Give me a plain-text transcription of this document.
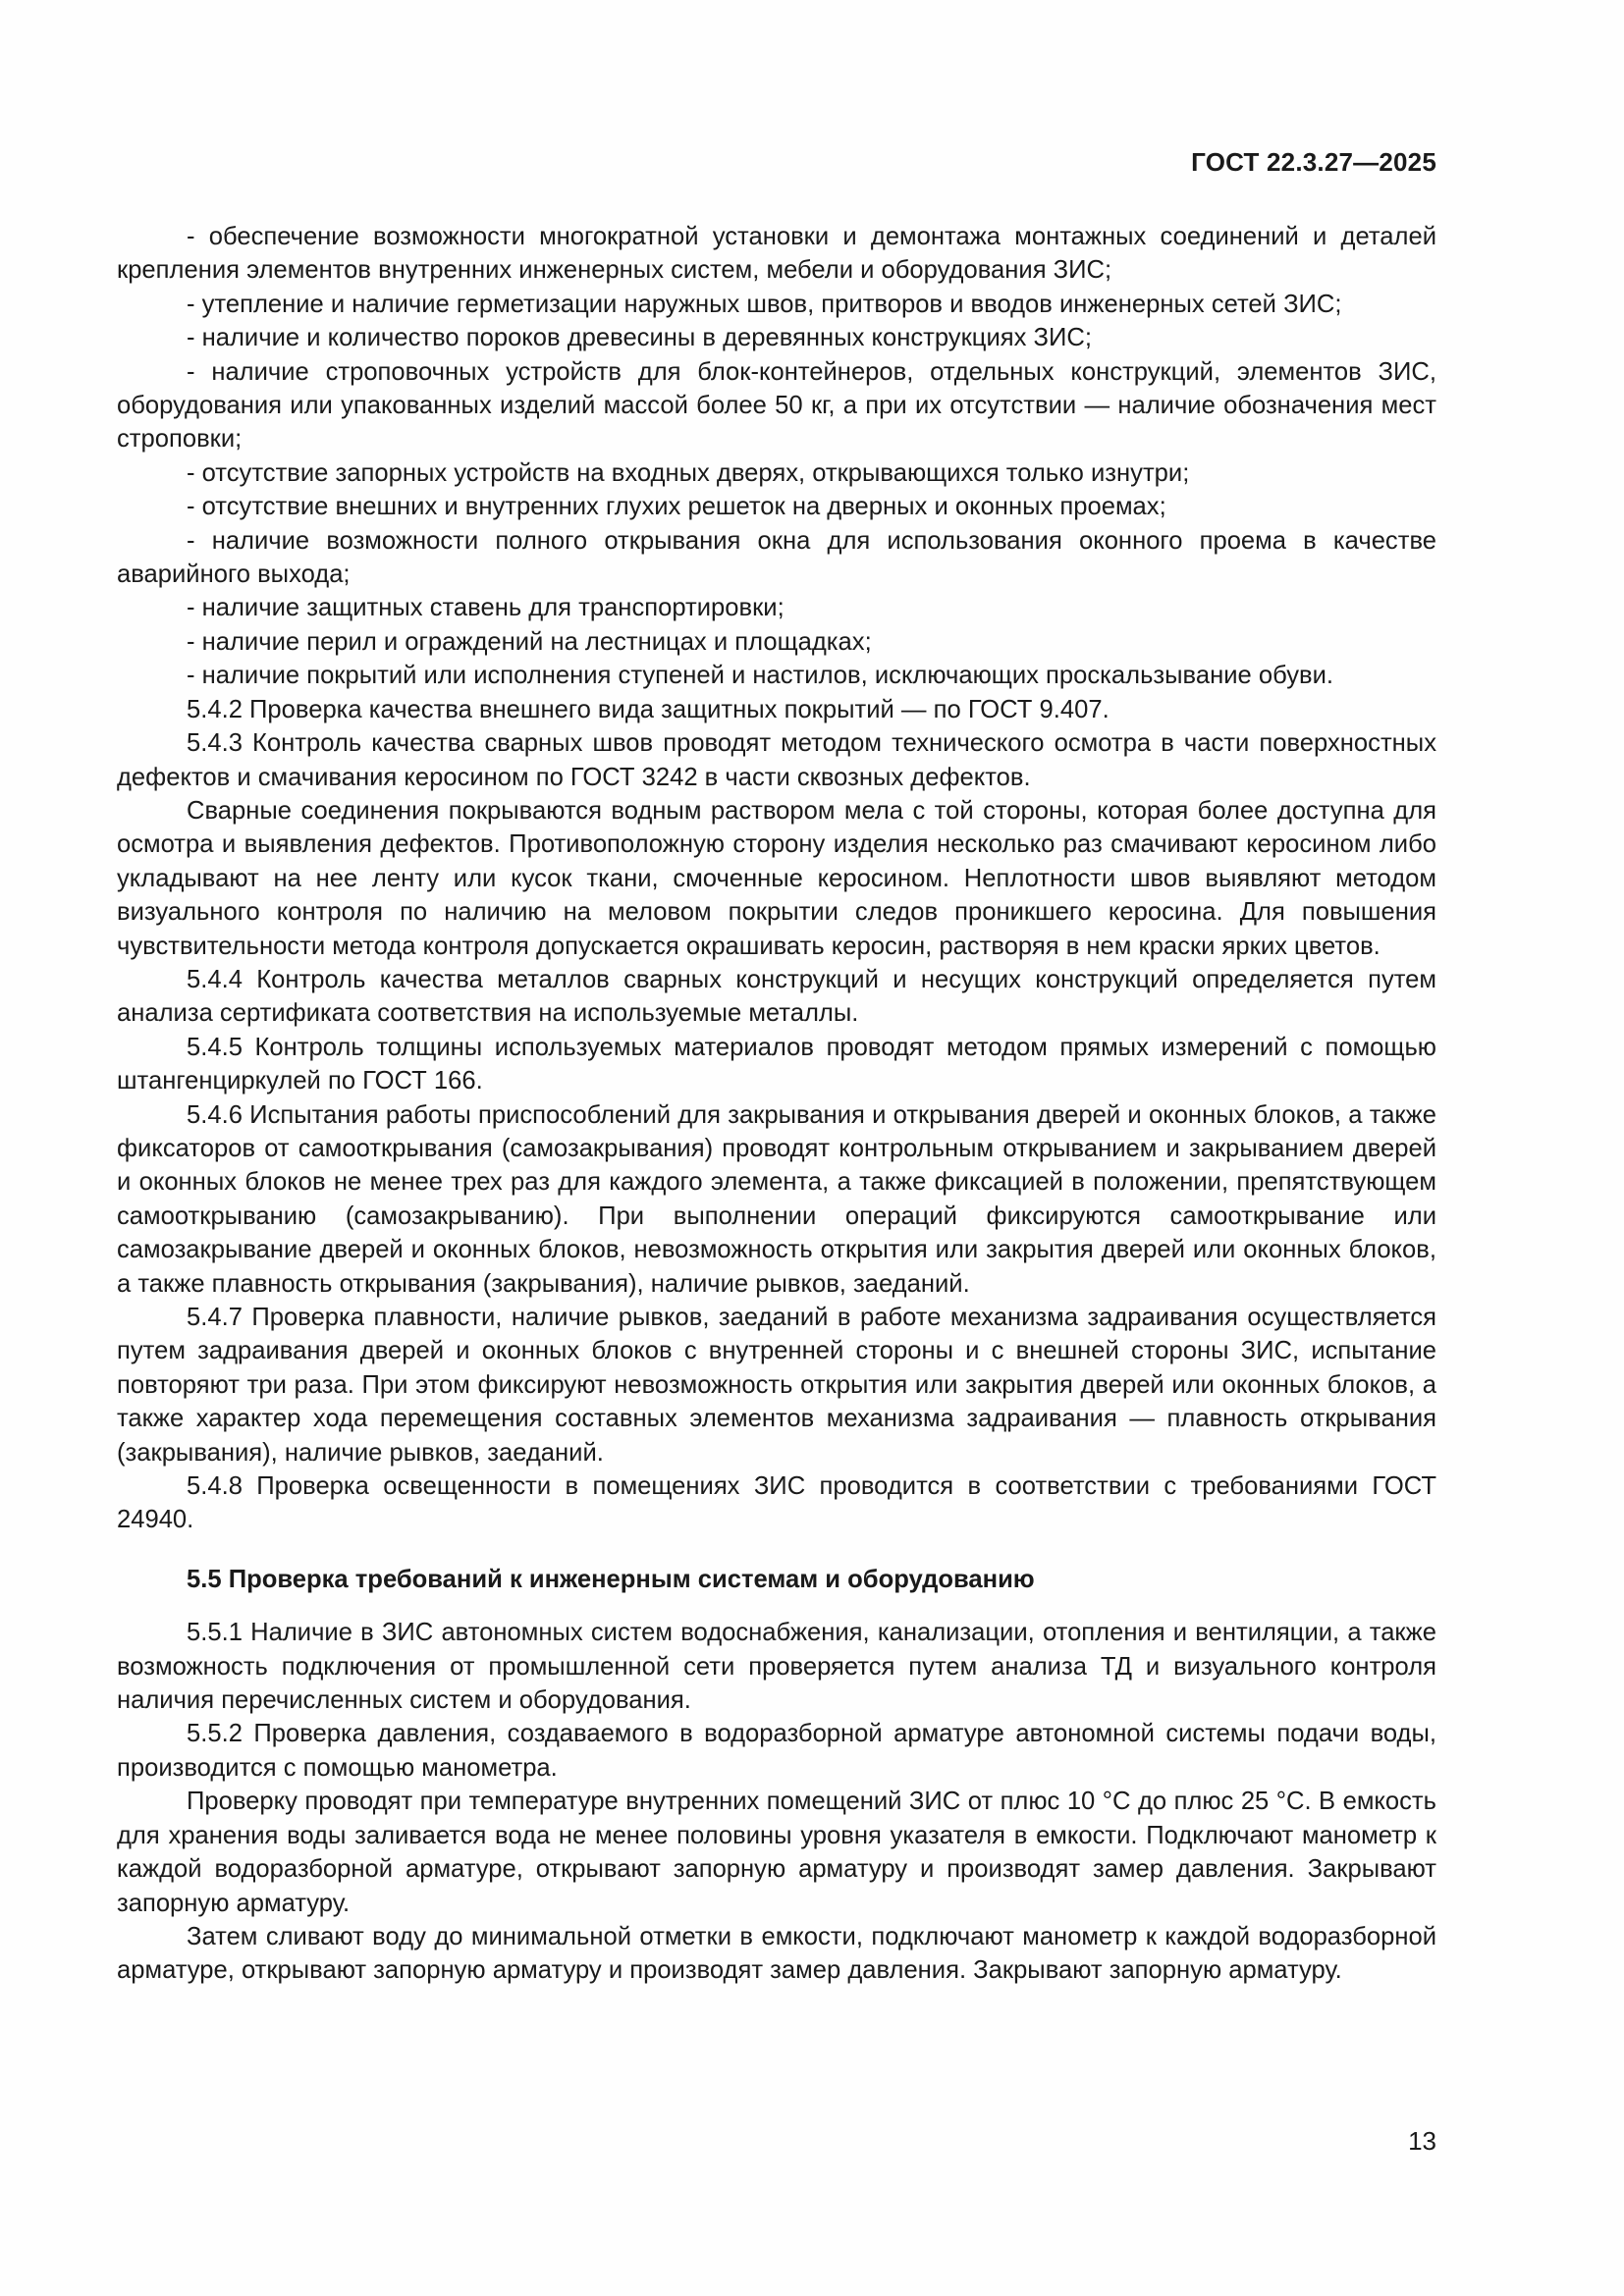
ГОСТ 22.3.27—2025

- обеспечение возможности многократной установки и демонтажа монтажных соединений и деталей крепления элементов внутренних инженерных систем, мебели и оборудования ЗИС;

- утепление и наличие герметизации наружных швов, притворов и вводов инженерных сетей ЗИС;

- наличие и количество пороков древесины в деревянных конструкциях ЗИС;

- наличие строповочных устройств для блок-контейнеров, отдельных конструкций, элементов ЗИС, оборудования или упакованных изделий массой более 50 кг, а при их отсутствии — наличие обозначения мест строповки;

- отсутствие запорных устройств на входных дверях, открывающихся только изнутри;

- отсутствие внешних и внутренних глухих решеток на дверных и оконных проемах;

- наличие возможности полного открывания окна для использования оконного проема в качестве аварийного выхода;

- наличие защитных ставень для транспортировки;

- наличие перил и ограждений на лестницах и площадках;

- наличие покрытий или исполнения ступеней и настилов, исключающих проскальзывание обуви.

5.4.2 Проверка качества внешнего вида защитных покрытий — по ГОСТ 9.407.

5.4.3 Контроль качества сварных швов проводят методом технического осмотра в части поверхностных дефектов и смачивания керосином по ГОСТ 3242 в части сквозных дефектов.

Сварные соединения покрываются водным раствором мела с той стороны, которая более доступна для осмотра и выявления дефектов. Противоположную сторону изделия несколько раз смачивают керосином либо укладывают на нее ленту или кусок ткани, смоченные керосином. Неплотности швов выявляют методом визуального контроля по наличию на меловом покрытии следов проникшего керосина. Для повышения чувствительности метода контроля допускается окрашивать керосин, растворяя в нем краски ярких цветов.

5.4.4 Контроль качества металлов сварных конструкций и несущих конструкций определяется путем анализа сертификата соответствия на используемые металлы.

5.4.5 Контроль толщины используемых материалов проводят методом прямых измерений с помощью штангенциркулей по ГОСТ 166.

5.4.6 Испытания работы приспособлений для закрывания и открывания дверей и оконных блоков, а также фиксаторов от самооткрывания (самозакрывания) проводят контрольным открыванием и закрыванием дверей и оконных блоков не менее трех раз для каждого элемента, а также фиксацией в положении, препятствующем самооткрыванию (самозакрыванию). При выполнении операций фиксируются самооткрывание или самозакрывание дверей и оконных блоков, невозможность открытия или закрытия дверей или оконных блоков, а также плавность открывания (закрывания), наличие рывков, заеданий.

5.4.7 Проверка плавности, наличие рывков, заеданий в работе механизма задраивания осуществляется путем задраивания дверей и оконных блоков с внутренней стороны и с внешней стороны ЗИС, испытание повторяют три раза. При этом фиксируют невозможность открытия или закрытия дверей или оконных блоков, а также характер хода перемещения составных элементов механизма задраивания — плавность открывания (закрывания), наличие рывков, заеданий.

5.4.8 Проверка освещенности в помещениях ЗИС проводится в соответствии с требованиями ГОСТ 24940.

5.5 Проверка требований к инженерным системам и оборудованию

5.5.1 Наличие в ЗИС автономных систем водоснабжения, канализации, отопления и вентиляции, а также возможность подключения от промышленной сети проверяется путем анализа ТД и визуального контроля наличия перечисленных систем и оборудования.

5.5.2 Проверка давления, создаваемого в водоразборной арматуре автономной системы подачи воды, производится с помощью манометра.

Проверку проводят при температуре внутренних помещений ЗИС от плюс 10 °С до плюс 25 °С. В емкость для хранения воды заливается вода не менее половины уровня указателя в емкости. Подключают манометр к каждой водоразборной арматуре, открывают запорную арматуру и производят замер давления. Закрывают запорную арматуру.

Затем сливают воду до минимальной отметки в емкости, подключают манометр к каждой водоразборной арматуре, открывают запорную арматуру и производят замер давления. Закрывают запорную арматуру.

13
